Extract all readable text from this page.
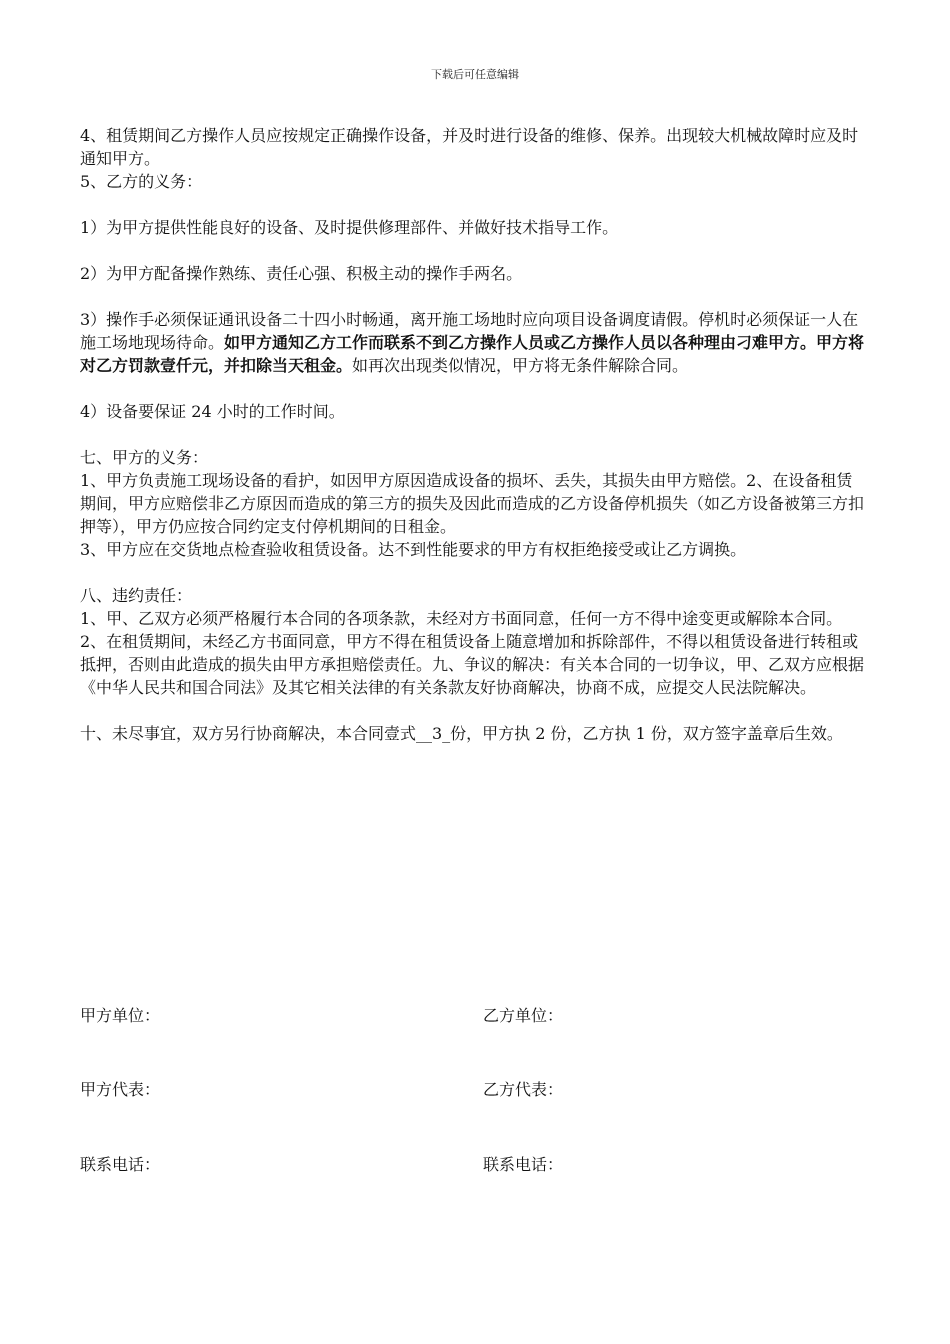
下载后可任意编辑

4、租赁期间乙方操作人员应按规定正确操作设备，并及时进行设备的维修、保养。出现较大机械故障时应及时通知甲方。

5、乙方的义务：

1）为甲方提供性能良好的设备、及时提供修理部件、并做好技术指导工作。

2）为甲方配备操作熟练、责任心强、积极主动的操作手两名。

3）操作手必须保证通讯设备二十四小时畅通，离开施工场地时应向项目设备调度请假。停机时必须保证一人在施工场地现场待命。如甲方通知乙方工作而联系不到乙方操作人员或乙方操作人员以各种理由刁难甲方。甲方将对乙方罚款壹仟元，并扣除当天租金。如再次出现类似情况，甲方将无条件解除合同。

4）设备要保证 24 小时的工作时间。

七、甲方的义务：

1、甲方负责施工现场设备的看护，如因甲方原因造成设备的损坏、丢失，其损失由甲方赔偿。2、在设备租赁期间，甲方应赔偿非乙方原因而造成的第三方的损失及因此而造成的乙方设备停机损失（如乙方设备被第三方扣押等），甲方仍应按合同约定支付停机期间的日租金。

3、甲方应在交货地点检查验收租赁设备。达不到性能要求的甲方有权拒绝接受或让乙方调换。

八、违约责任：

1、甲、乙双方必须严格履行本合同的各项条款，未经对方书面同意，任何一方不得中途变更或解除本合同。

2、在租赁期间，未经乙方书面同意，甲方不得在租赁设备上随意增加和拆除部件，不得以租赁设备进行转租或抵押，否则由此造成的损失由甲方承担赔偿责任。九、争议的解决：有关本合同的一切争议，甲、乙双方应根据《中华人民共和国合同法》及其它相关法律的有关条款友好协商解决，协商不成，应提交人民法院解决。

十、未尽事宜，双方另行协商解决，本合同壹式__3_份，甲方执 2 份，乙方执 1 份，双方签字盖章后生效。

甲方单位：	乙方单位：
甲方代表：	乙方代表：
联系电话：	联系电话：
